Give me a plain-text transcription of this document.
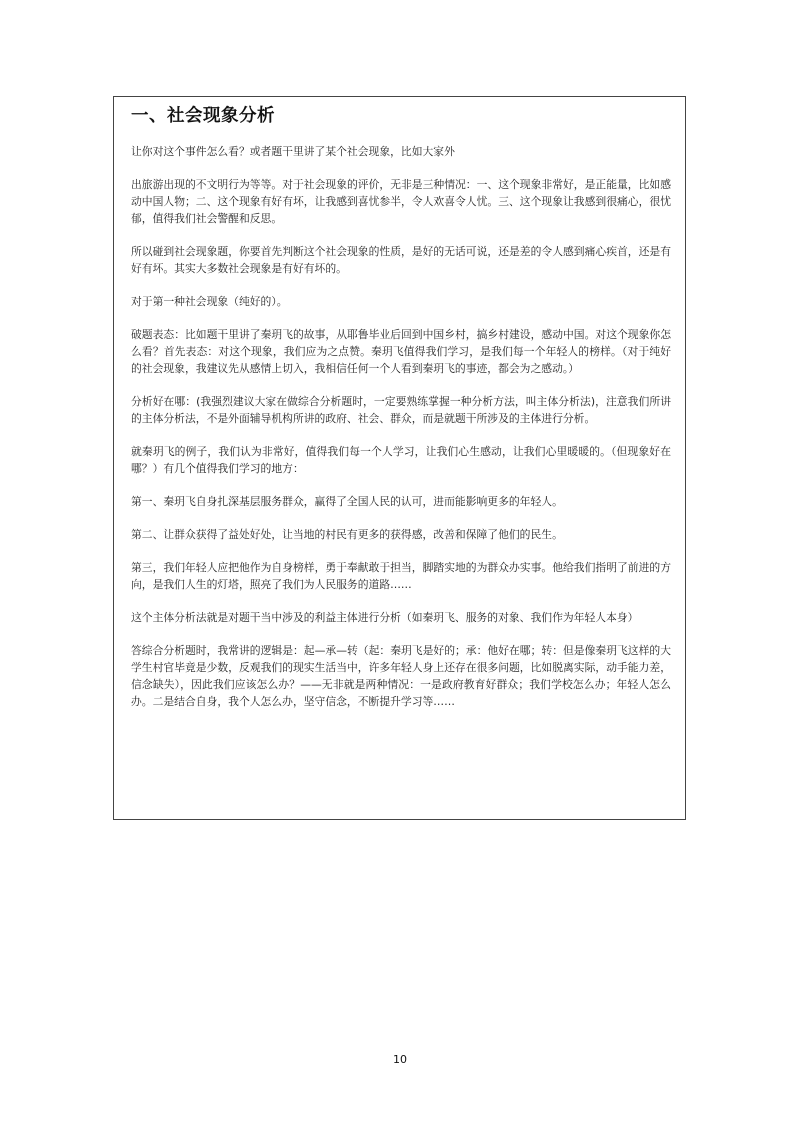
一、社会现象分析

让你对这个事件怎么看？或者题干里讲了某个社会现象，比如大家外

出旅游出现的不文明行为等等。对于社会现象的评价，无非是三种情况：一、这个现象非常好，是正能量，比如感动中国人物；二、这个现象有好有坏，让我感到喜忧参半，令人欢喜令人忧。三、这个现象让我感到很痛心，很忧郁，值得我们社会警醒和反思。

所以碰到社会现象题，你要首先判断这个社会现象的性质，是好的无话可说，还是差的令人感到痛心疾首，还是有好有坏。其实大多数社会现象是有好有坏的。

对于第一种社会现象（纯好的）。

破题表态：比如题干里讲了秦玥飞的故事，从耶鲁毕业后回到中国乡村，搞乡村建设，感动中国。对这个现象你怎么看？首先表态：对这个现象，我们应为之点赞。秦玥飞值得我们学习，是我们每一个年轻人的榜样。（对于纯好的社会现象，我建议先从感情上切入，我相信任何一个人看到秦玥飞的事迹，都会为之感动。）

分析好在哪：(我强烈建议大家在做综合分析题时，一定要熟练掌握一种分析方法，叫主体分析法)，注意我们所讲的主体分析法，不是外面辅导机构所讲的政府、社会、群众，而是就题干所涉及的主体进行分析。

就秦玥飞的例子，我们认为非常好，值得我们每一个人学习，让我们心生感动，让我们心里暖暖的。（但现象好在哪？）有几个值得我们学习的地方：

第一、秦玥飞自身扎深基层服务群众，赢得了全国人民的认可，进而能影响更多的年轻人。

第二、让群众获得了益处好处，让当地的村民有更多的获得感，改善和保障了他们的民生。

第三，我们年轻人应把他作为自身榜样，勇于奉献敢于担当，脚踏实地的为群众办实事。他给我们指明了前进的方向，是我们人生的灯塔，照亮了我们为人民服务的道路……

这个主体分析法就是对题干当中涉及的利益主体进行分析（如秦玥飞、服务的对象、我们作为年轻人本身）

答综合分析题时，我常讲的逻辑是：起—承—转（起：秦玥飞是好的；承：他好在哪；转：但是像秦玥飞这样的大学生村官毕竟是少数，反观我们的现实生活当中，许多年轻人身上还存在很多问题，比如脱离实际，动手能力差，信念缺失），因此我们应该怎么办？——无非就是两种情况：一是政府教育好群众；我们学校怎么办；年轻人怎么办。二是结合自身，我个人怎么办，坚守信念，不断提升学习等……

10
